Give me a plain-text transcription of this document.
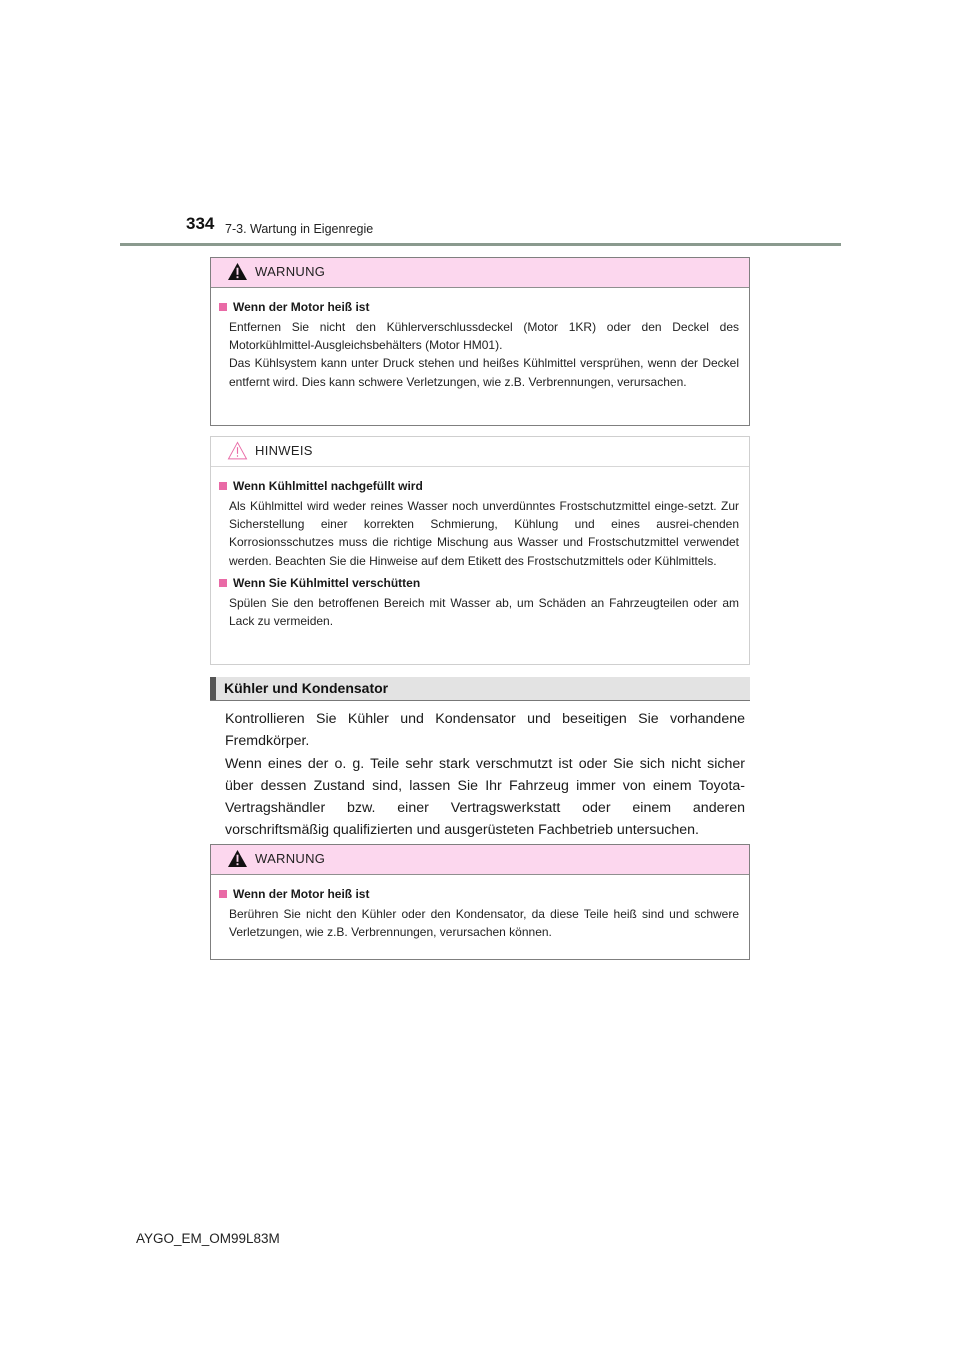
334 7-3. Wartung in Eigenregie
WARNUNG
Wenn der Motor heiß ist
Entfernen Sie nicht den Kühlerverschlussdeckel (Motor 1KR) oder den Deckel des Motorkühlmittel-Ausgleichsbehälters (Motor HM01).
Das Kühlsystem kann unter Druck stehen und heißes Kühlmittel versprühen, wenn der Deckel entfernt wird. Dies kann schwere Verletzungen, wie z.B. Verbrennungen, verursachen.
HINWEIS
Wenn Kühlmittel nachgefüllt wird
Als Kühlmittel wird weder reines Wasser noch unverdünntes Frostschutzmittel einge-setzt. Zur Sicherstellung einer korrekten Schmierung, Kühlung und eines ausrei-chenden Korrosionsschutzes muss die richtige Mischung aus Wasser und Frostschutzmittel verwendet werden. Beachten Sie die Hinweise auf dem Etikett des Frostschutzmittels oder Kühlmittels.
Wenn Sie Kühlmittel verschütten
Spülen Sie den betroffenen Bereich mit Wasser ab, um Schäden an Fahrzeugteilen oder am Lack zu vermeiden.
Kühler und Kondensator

Kontrollieren Sie Kühler und Kondensator und beseitigen Sie vorhandene Fremdkörper.

Wenn eines der o. g. Teile sehr stark verschmutzt ist oder Sie sich nicht sicher über dessen Zustand sind, lassen Sie Ihr Fahrzeug immer von einem Toyota-Vertragshändler bzw. einer Vertragswerkstatt oder einem anderen vorschriftsmäßig qualifizierten und ausgerüsteten Fachbetrieb untersuchen.

WARNUNG
Wenn der Motor heiß ist
Berühren Sie nicht den Kühler oder den Kondensator, da diese Teile heiß sind und schwere Verletzungen, wie z.B. Verbrennungen, verursachen können.
AYGO_EM_OM99L83M
